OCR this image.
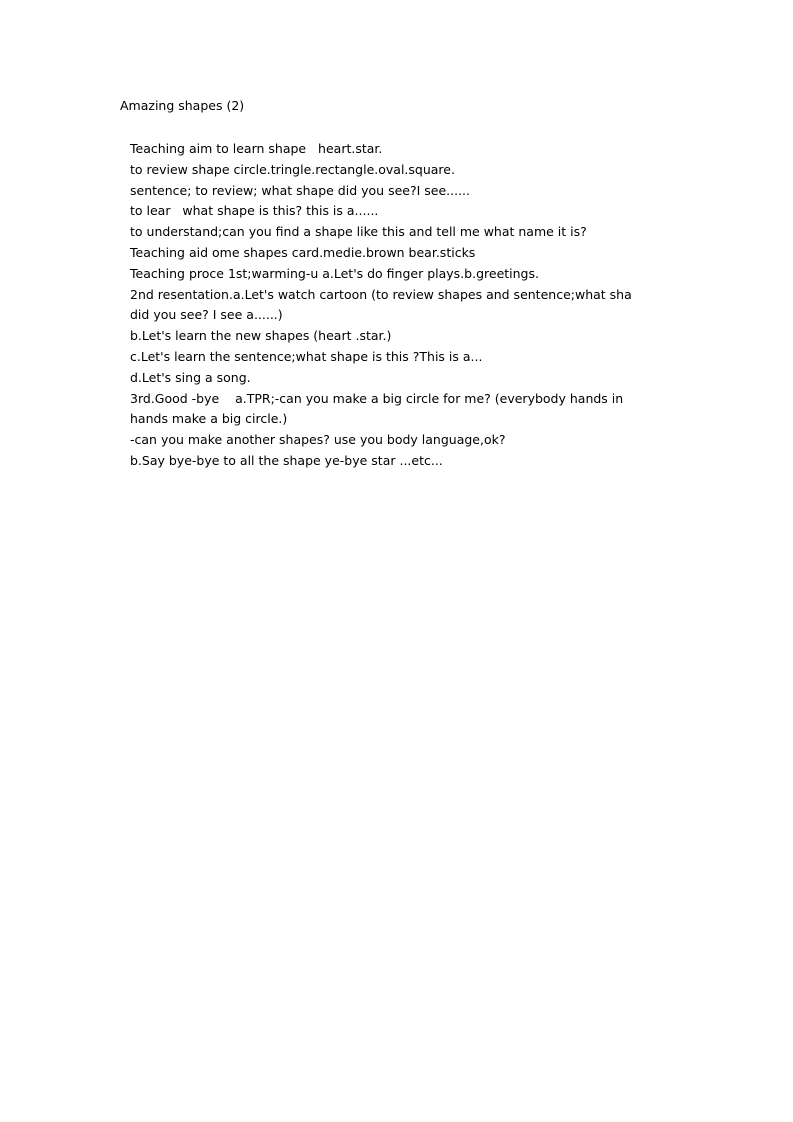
Amazing shapes (2)
Teaching aim to learn shape   heart.star.
to review shape circle.tringle.rectangle.oval.square.
sentence; to review; what shape did you see?I see......
to lear   what shape is this? this is a......
to understand;can you find a shape like this and tell me what name it is?
Teaching aid ome shapes card.medie.brown bear.sticks
Teaching proce 1st;warming-u a.Let's do finger plays.b.greetings.
2nd resentation.a.Let's watch cartoon (to review shapes and sentence;what sha
did you see? I see a......)
b.Let's learn the new shapes (heart .star.)
c.Let's learn the sentence;what shape is this ?This is a...
d.Let's sing a song.
3rd.Good -bye    a.TPR;-can you make a big circle for me? (everybody hands in
hands make a big circle.)
-can you make another shapes? use you body language,ok?
b.Say bye-bye to all the shape ye-bye star ...etc...
